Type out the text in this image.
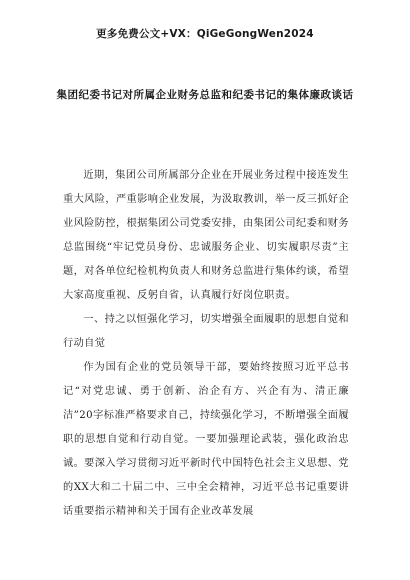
更多免费公文+VX：QiGeGongWen2024
集团纪委书记对所属企业财务总监和纪委书记的集体廉政谈话

近期，集团公司所属部分企业在开展业务过程中接连发生重大风险，严重影响企业发展，为汲取教训，举一反三抓好企业风险防控，根据集团公司党委安排，由集团公司纪委和财务总监围绕“牢记党员身份、忠诚服务企业、切实履职尽责”主题，对各单位纪检机构负责人和财务总监进行集体约谈，希望大家高度重视、反躬自省，认真履行好岗位职责。

一、持之以恒强化学习，切实增强全面履职的思想自觉和行动自觉

作为国有企业的党员领导干部，要始终按照习近平总书记“对党忠诚、勇于创新、治企有方、兴企有为、清正廉洁”20字标准严格要求自己，持续强化学习，不断增强全面履职的思想自觉和行动自觉。一要加强理论武装，强化政治忠诚。要深入学习贯彻习近平新时代中国特色社会主义思想、党的XX大和二十届二中、三中全会精神，习近平总书记重要讲话重要指示精神和关于国有企业改革发展
